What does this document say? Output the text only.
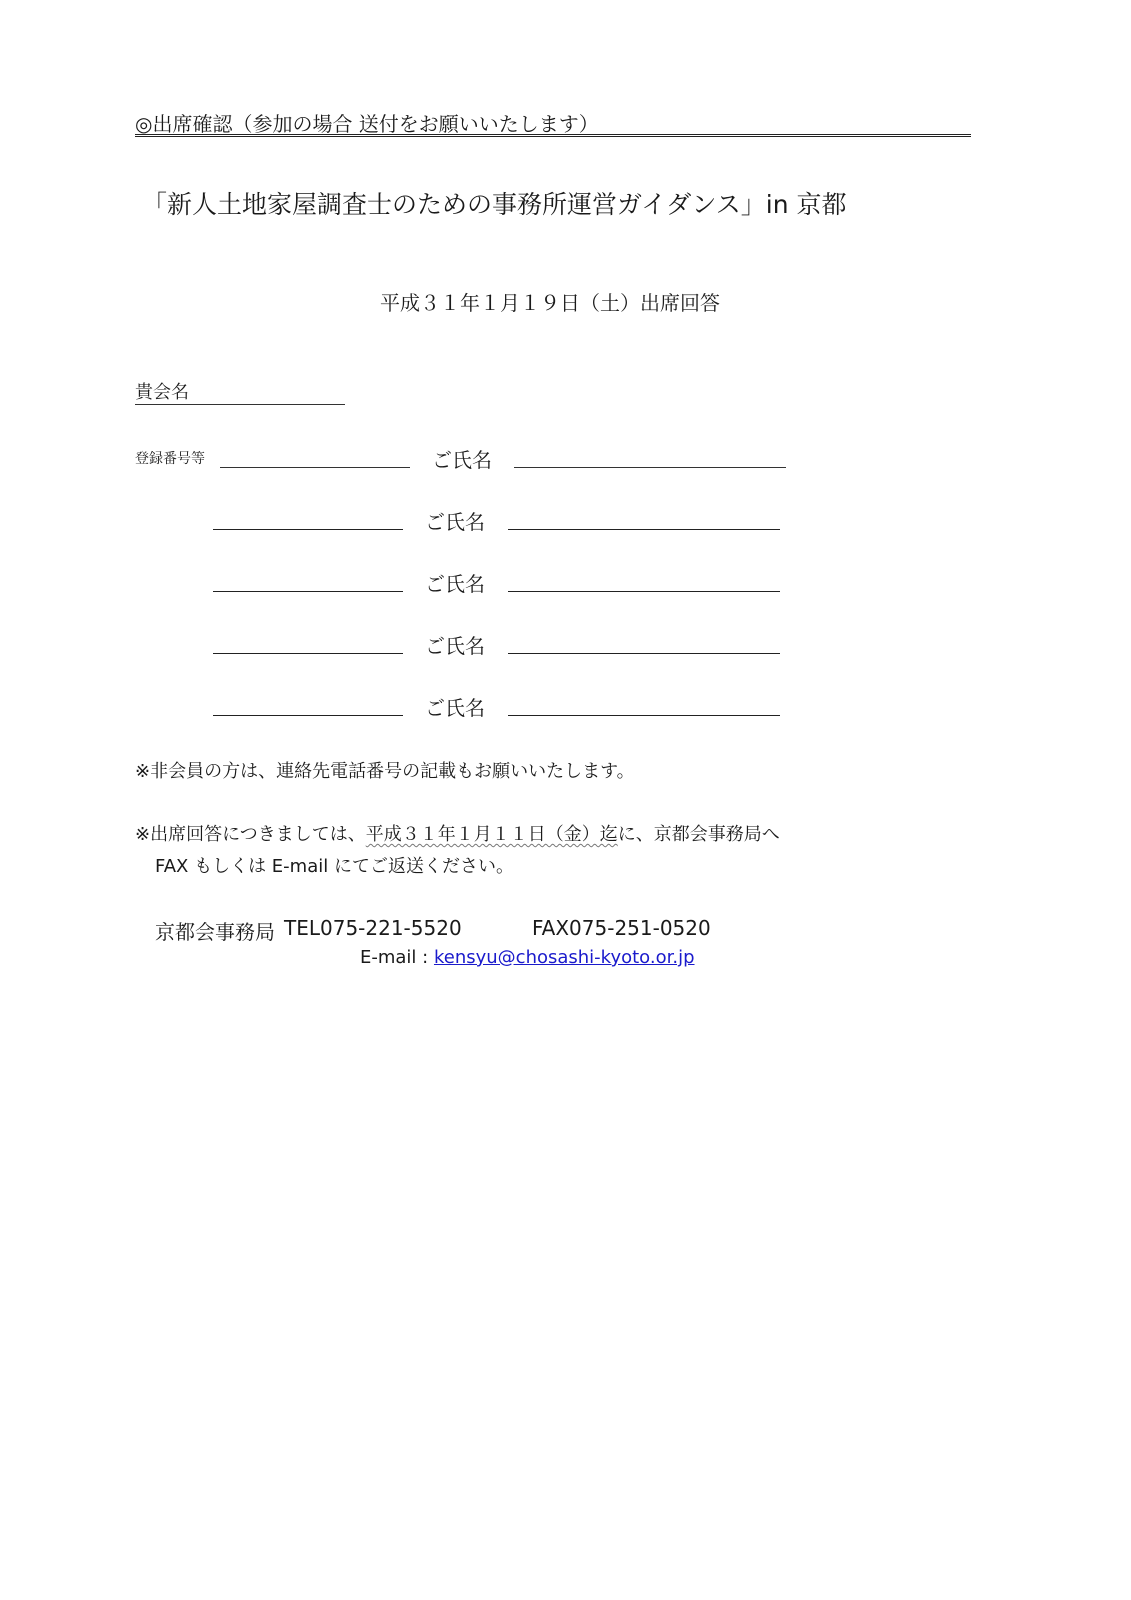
◎出席確認（参加の場合 送付をお願いいたします）
「新人土地家屋調査士のための事務所運営ガイダンス」in 京都
平成３１年１月１９日（土）出席回答
貴会名
登録番号等	ご氏名
ご氏名
ご氏名
ご氏名
ご氏名
※非会員の方は、連絡先電話番号の記載もお願いいたします。
※出席回答につきましては、平成３１年１月１１日（金）迄に、京都会事務局へ
FAX もしくは E-mail にてご返送ください。
京都会事務局 TEL075-221-5520	FAX075-251-0520
E-mail : kensyu@chosashi-kyoto.or.jp
